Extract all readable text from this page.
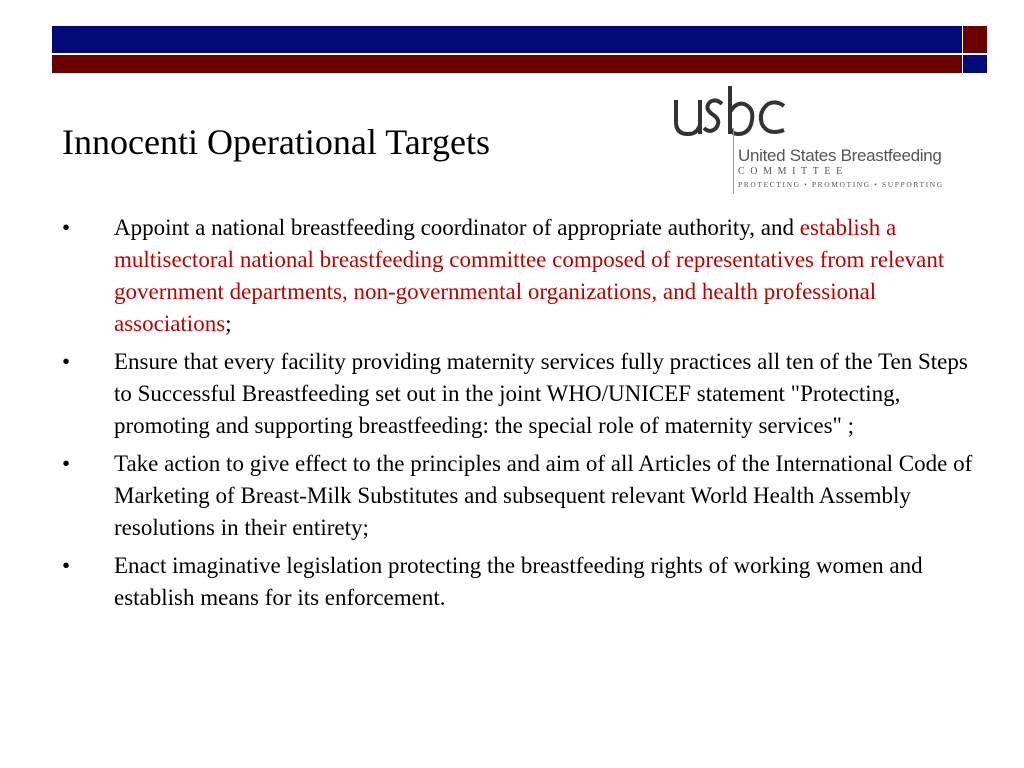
Innocenti Operational Targets	United States Breastfeeding
COMMITTEE
PROTECTING • PROMOTING • SUPPORTING
•	Appoint a national breastfeeding coordinator of appropriate authority, and establish a multisectoral national breastfeeding committee composed of representatives from relevant government departments, non-governmental organizations, and health professional associations;
•	Ensure that every facility providing maternity services fully practices all ten of the Ten Steps to Successful Breastfeeding set out in the joint WHO/UNICEF statement "Protecting, promoting and supporting breastfeeding: the special role of maternity services" ;
•	Take action to give effect to the principles and aim of all Articles of the International Code of Marketing of Breast-Milk Substitutes and subsequent relevant World Health Assembly resolutions in their entirety;
•	Enact imaginative legislation protecting the breastfeeding rights of working women and establish means for its enforcement.
